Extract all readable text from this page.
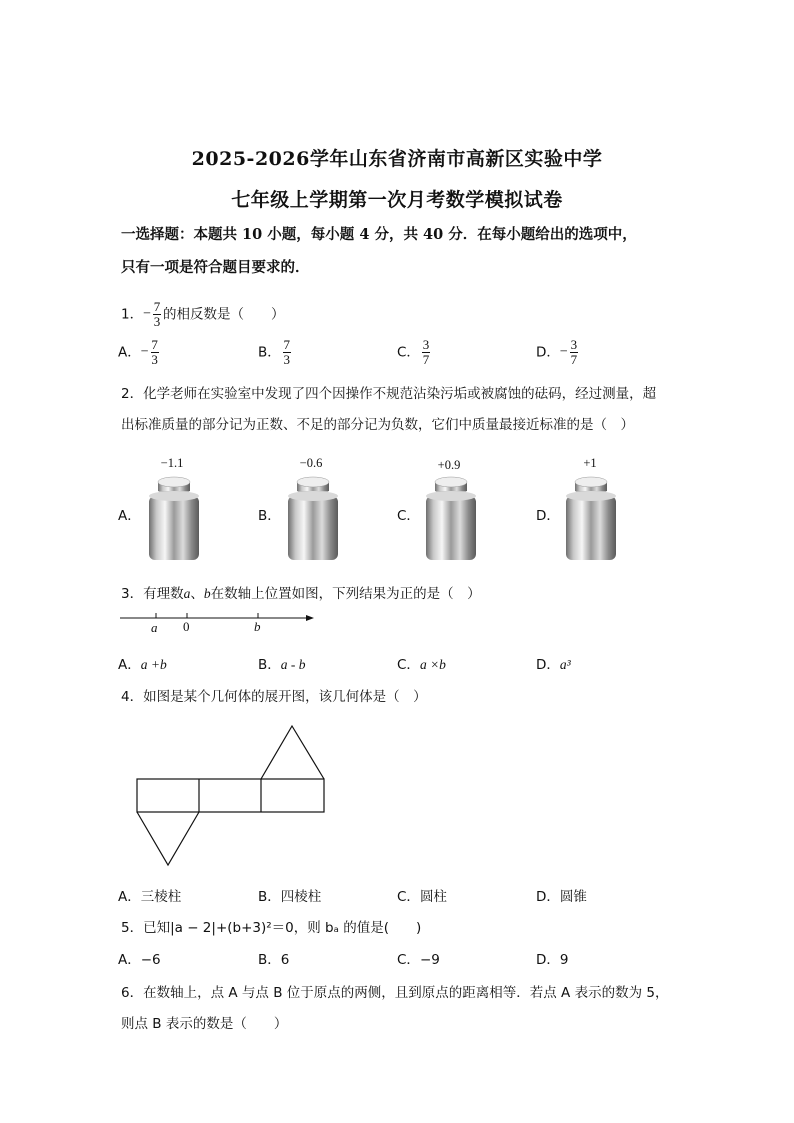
2025-2026学年山东省济南市高新区实验中学
七年级上学期第一次月考数学模拟试卷
一选择题：本题共 10 小题，每小题 4 分，共 40 分．在每小题给出的选项中，
只有一项是符合题目要求的．
1．− $\frac{7}{3}$ 的相反数是（　　）
A．− $\frac{7}{3}$	B． $\frac{7}{3}$	C． $\frac{3}{7}$	D．− $\frac{3}{7}$
2．化学老师在实验室中发现了四个因操作不规范沾染污垢或被腐蚀的砝码，经过测量，超
出标准质量的部分记为正数、不足的部分记为负数，它们中质量最接近标准的是（　）
A．
−1.1
B．
−0.6
C．
+0.9
D．
+1
3．有理数a、b在数轴上位置如图，下列结果为正的是（　）
a 0	b
A．a +b	B．a - b	C．a ×b	D．a³
4．如图是某个几何体的展开图，该几何体是（　）
A．三棱柱	B．四棱柱	C．圆柱	D．圆锥
5．已知|a − 2|+(b+3)²＝0，则 bₐ 的值是(　　)
A．−6	B．6	C．−9	D．9
6．在数轴上，点 A 与点 B 位于原点的两侧，且到原点的距离相等．若点 A 表示的数为 5，
则点 B 表示的数是（　　）
